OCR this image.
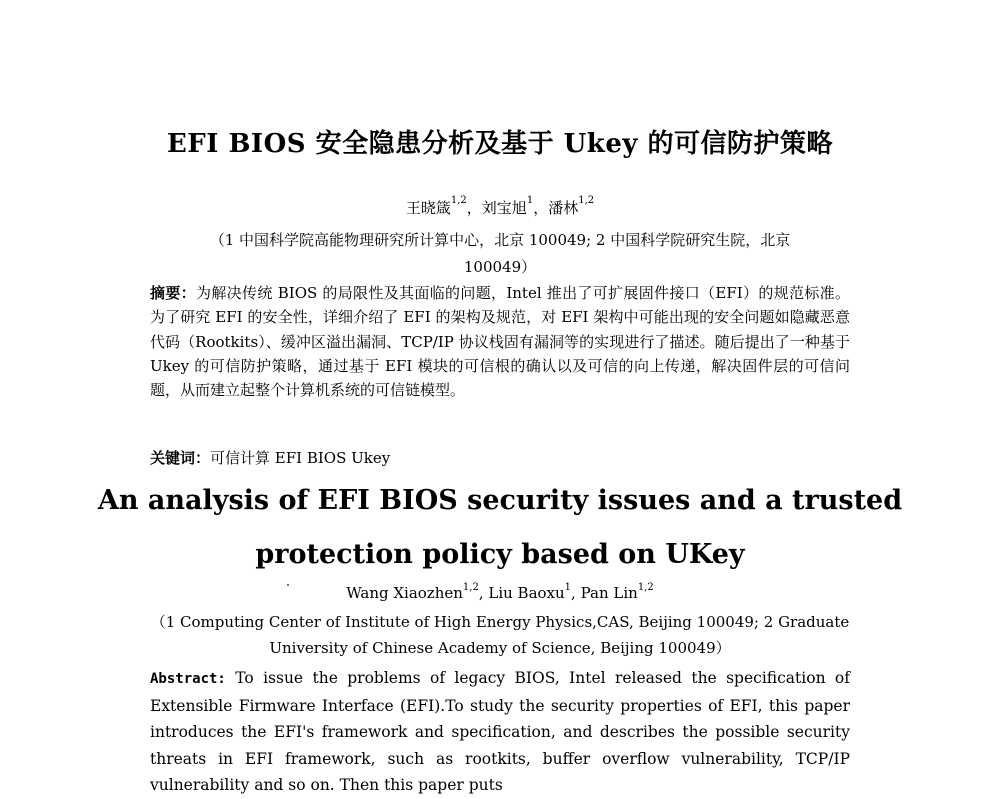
EFI BIOS 安全隐患分析及基于 Ukey 的可信防护策略
王晓箴$^{1,2}$，刘宝旭$^1$，潘林$^{1,2}$
（1 中国科学院高能物理研究所计算中心，北京 100049; 2 中国科学院研究生院，北京
100049）
摘要：为解决传统 BIOS 的局限性及其面临的问题，Intel 推出了可扩展固件接口（EFI）的规范标准。为了研究 EFI 的安全性，详细介绍了 EFI 的架构及规范，对 EFI 架构中可能出现的安全问题如隐藏恶意代码（Rootkits）、缓冲区溢出漏洞、TCP/IP 协议栈固有漏洞等的实现进行了描述。随后提出了一种基于 Ukey 的可信防护策略，通过基于 EFI 模块的可信根的确认以及可信的向上传递，解决固件层的可信问题，从而建立起整个计算机系统的可信链模型。
关键词：可信计算 EFI BIOS Ukey
An analysis of EFI BIOS security issues and a trusted
protection policy based on UKey
Wang Xiaozhen$^{1,2}$, Liu Baoxu$^1$, Pan Lin$^{1,2}$
（1 Computing Center of Institute of High Energy Physics,CAS, Beijing 100049; 2 Graduate
University of Chinese Academy of Science, Beijing 100049）
Abstract: To issue the problems of legacy BIOS, Intel released the specification of Extensible Firmware Interface (EFI).To study the security properties of EFI, this paper introduces the EFI's framework and specification, and describes the possible security threats in EFI framework, such as rootkits, buffer overflow vulnerability, TCP/IP vulnerability and so on. Then this paper puts
